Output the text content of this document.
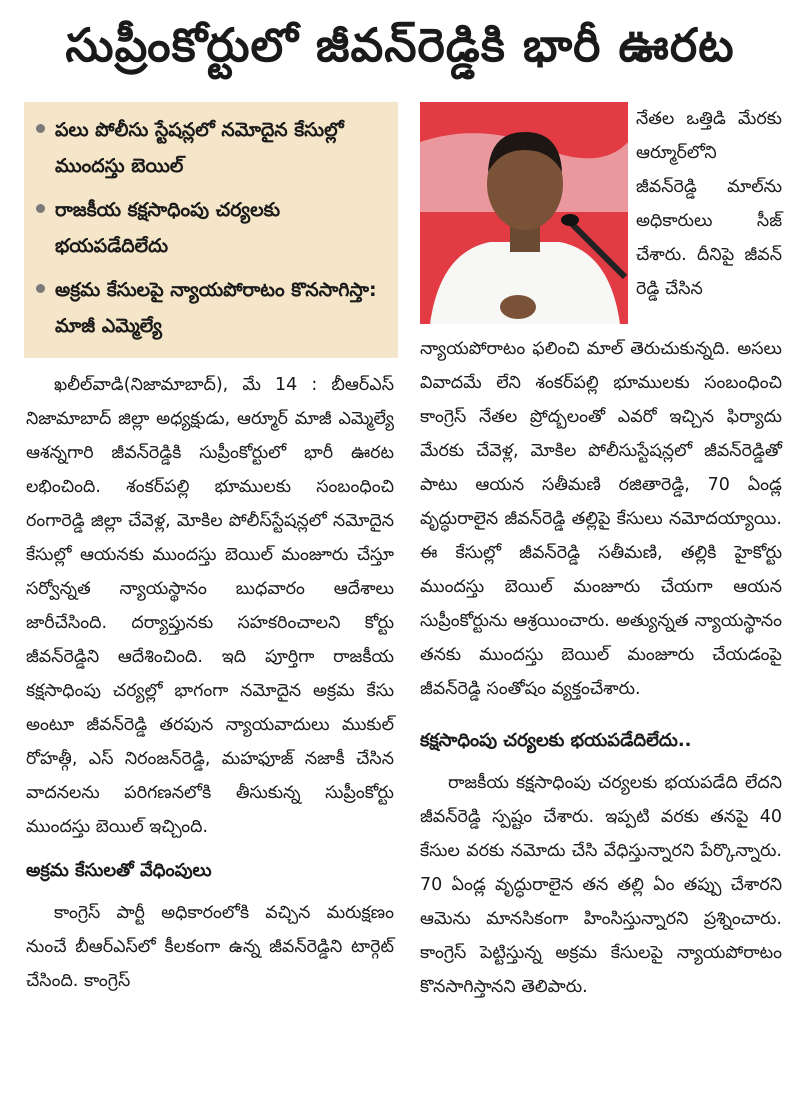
సుప్రీంకోర్టులో జీవన్‌రెడ్డికి భారీ ఊరట
పలు పోలీసు స్టేషన్లలో నమోదైన కేసుల్లో ముందస్తు బెయిల్
రాజకీయ కక్షసాధింపు చర్యలకు భయపడేదిలేదు
అక్రమ కేసులపై న్యాయపోరాటం కొనసాగిస్తా: మాజీ ఎమ్మెల్యే

నేతల ఒత్తిడి మేరకు ఆర్మూర్‌లోని జీవన్‌రెడ్డి మాల్‌ను అధికారులు సీజ్ చేశారు. దీనిపై జీవన్ రెడ్డి చేసిన

ఖలీల్‌వాడి(నిజామాబాద్), మే 14 : బీఆర్‌ఎస్ నిజామాబాద్ జిల్లా అధ్యక్షుడు, ఆర్మూర్ మాజీ ఎమ్మెల్యే ఆశన్నగారి జీవన్‌రెడ్డికి సుప్రీంకోర్టులో భారీ ఊరట లభించింది. శంకర్‌పల్లి భూములకు సంబంధించి రంగారెడ్డి జిల్లా చేవెళ్ల, మోకిల పోలీస్‌స్టేషన్లలో నమోదైన కేసుల్లో ఆయనకు ముందస్తు బెయిల్ మంజూరు చేస్తూ సర్వోన్నత న్యాయస్థానం బుధవారం ఆదేశాలు జారీచేసింది. దర్యాప్తునకు సహకరించాలని కోర్టు జీవన్‌రెడ్డిని ఆదేశించింది. ఇది పూర్తిగా రాజకీయ కక్షసాధింపు చర్యల్లో భాగంగా నమోదైన అక్రమ కేసు అంటూ జీవన్‌రెడ్డి తరపున న్యాయవాదులు ముకుల్ రోహత్గీ, ఎస్ నిరంజన్‌రెడ్డి, మహఫూజ్ నజాకీ చేసిన వాదనలను పరిగణనలోకి తీసుకున్న సుప్రీంకోర్టు ముందస్తు బెయిల్ ఇచ్చింది.

అక్రమ కేసులతో వేధింపులు

కాంగ్రెస్ పార్టీ అధికారంలోకి వచ్చిన మరుక్షణం నుంచే బీఆర్‌ఎస్‌లో కీలకంగా ఉన్న జీవన్‌రెడ్డిని టార్గెట్ చేసింది. కాంగ్రెస్

న్యాయపోరాటం ఫలించి మాల్ తెరుచుకున్నది. అసలు వివాదమే లేని శంకర్‌పల్లి భూములకు సంబంధించి కాంగ్రెస్ నేతల ప్రోద్బలంతో ఎవరో ఇచ్చిన ఫిర్యాదు మేరకు చేవెళ్ల, మోకిల పోలీసుస్టేషన్లలో జీవన్‌రెడ్డితో పాటు ఆయన సతీమణి రజితారెడ్డి, 70 ఏండ్ల వృద్ధురాలైన జీవన్‌రెడ్డి తల్లిపై కేసులు నమోదయ్యాయి. ఈ కేసుల్లో జీవన్‌రెడ్డి సతీమణి, తల్లికి హైకోర్టు ముందస్తు బెయిల్ మంజూరు చేయగా ఆయన సుప్రీంకోర్టును ఆశ్రయించారు. అత్యున్నత న్యాయస్థానం తనకు ముందస్తు బెయిల్ మంజూరు చేయడంపై జీవన్‌రెడ్డి సంతోషం వ్యక్తంచేశారు.

కక్షసాధింపు చర్యలకు భయపడేదిలేదు..

రాజకీయ కక్షసాధింపు చర్యలకు భయపడేది లేదని జీవన్‌రెడ్డి స్పష్టం చేశారు. ఇప్పటి వరకు తనపై 40 కేసుల వరకు నమోదు చేసి వేధిస్తున్నారని పేర్కొన్నారు. 70 ఏండ్ల వృద్ధురాలైన తన తల్లి ఏం తప్పు చేశారని ఆమెను మానసికంగా హింసిస్తున్నారని ప్రశ్నించారు. కాంగ్రెస్ పెట్టిస్తున్న అక్రమ కేసులపై న్యాయపోరాటం కొనసాగిస్తానని తెలిపారు.
